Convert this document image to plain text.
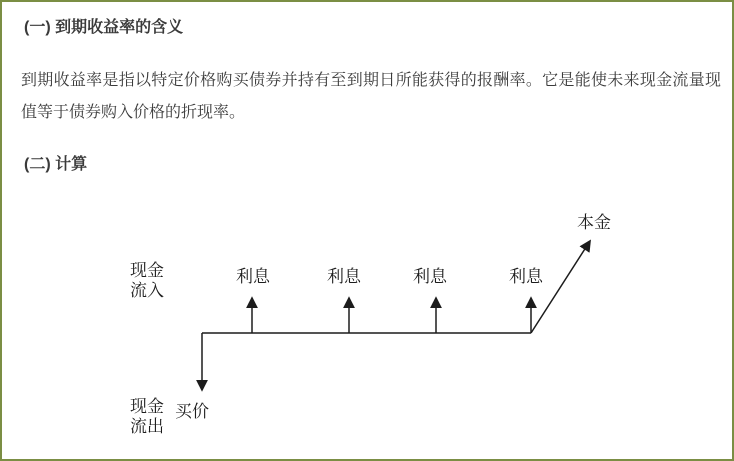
(一) 到期收益率的含义

到期收益率是指以特定价格购买债券并持有至到期日所能获得的报酬率。它是能使未来现金流量现值等于债券购入价格的折现率。

(二) 计算
现金
流入
现金
流出
利息	利息	利息	利息
本金
买价
